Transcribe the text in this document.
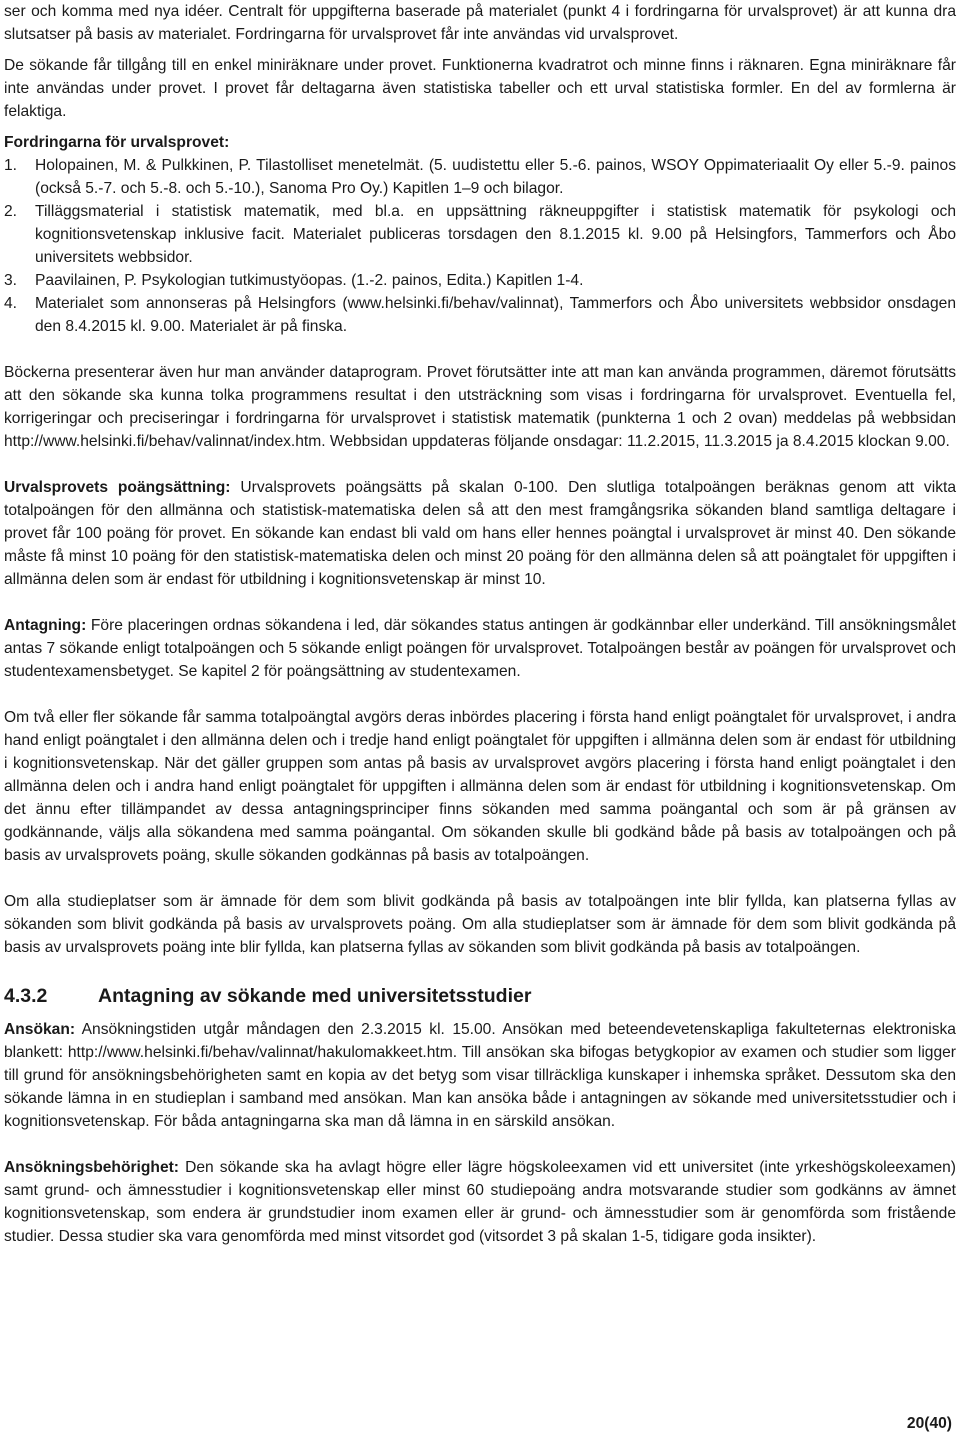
ser och komma med nya idéer. Centralt för uppgifterna baserade på materialet (punkt 4 i fordringarna för urvalsprovet) är att kunna dra slutsatser på basis av materialet. Fordringarna för urvalsprovet får inte användas vid urvalsprovet.

De sökande får tillgång till en enkel miniräknare under provet. Funktionerna kvadratrot och minne finns i räknaren. Egna miniräknare får inte användas under provet. I provet får deltagarna även statistiska tabeller och ett urval statistiska formler. En del av formlerna är felaktiga.

Fordringarna för urvalsprovet:

1.	Holopainen, M. & Pulkkinen, P. Tilastolliset menetelmät. (5. uudistettu eller 5.-6. painos, WSOY Oppimateriaalit Oy eller 5.-9. painos (också 5.-7. och 5.-8. och 5.-10.), Sanoma Pro Oy.) Kapitlen 1–9 och bilagor.
2.	Tilläggsmaterial i statistisk matematik, med bl.a. en uppsättning räkneuppgifter i statistisk matematik för psykologi och kognitionsvetenskap inklusive facit. Materialet publiceras torsdagen den 8.1.2015 kl. 9.00 på Helsingfors, Tammerfors och Åbo universitets webbsidor.
3.	Paavilainen, P. Psykologian tutkimustyöopas. (1.-2. painos, Edita.) Kapitlen 1-4.
4.	Materialet som annonseras på Helsingfors (www.helsinki.fi/behav/valinnat), Tammerfors och Åbo universitets webbsidor onsdagen den 8.4.2015 kl. 9.00. Materialet är på finska.

Böckerna presenterar även hur man använder dataprogram. Provet förutsätter inte att man kan använda programmen, däremot förutsätts att den sökande ska kunna tolka programmens resultat i den utsträckning som visas i fordringarna för urvalsprovet. Eventuella fel, korrigeringar och preciseringar i fordringarna för urvalsprovet i statistisk matematik (punkterna 1 och 2 ovan) meddelas på webbsidan http://www.helsinki.fi/behav/valinnat/index.htm. Webbsidan uppdateras följande onsdagar: 11.2.2015, 11.3.2015 ja 8.4.2015 klockan 9.00.

Urvalsprovets poängsättning: Urvalsprovets poängsätts på skalan 0-100. Den slutliga totalpoängen beräknas genom att vikta totalpoängen för den allmänna och statistisk-matematiska delen så att den mest framgångsrika sökanden bland samtliga deltagare i provet får 100 poäng för provet. En sökande kan endast bli vald om hans eller hennes poängtal i urvalsprovet är minst 40. Den sökande måste få minst 10 poäng för den statistisk-matematiska delen och minst 20 poäng för den allmänna delen så att poängtalet för uppgiften i allmänna delen som är endast för utbildning i kognitionsvetenskap är minst 10.

Antagning: Före placeringen ordnas sökandena i led, där sökandes status antingen är godkännbar eller underkänd. Till ansökningsmålet antas 7 sökande enligt totalpoängen och 5 sökande enligt poängen för urvalsprovet. Totalpoängen består av poängen för urvalsprovet och studentexamensbetyget. Se kapitel 2 för poängsättning av studentexamen.

Om två eller fler sökande får samma totalpoängtal avgörs deras inbördes placering i första hand enligt poängtalet för urvalsprovet, i andra hand enligt poängtalet i den allmänna delen och i tredje hand enligt poängtalet för uppgiften i allmänna delen som är endast för utbildning i kognitionsvetenskap. När det gäller gruppen som antas på basis av urvalsprovet avgörs placering i första hand enligt poängtalet i den allmänna delen och i andra hand enligt poängtalet för uppgiften i allmänna delen som är endast för utbildning i kognitionsvetenskap. Om det ännu efter tillämpandet av dessa antagningsprinciper finns sökanden med samma poängantal och som är på gränsen av godkännande, väljs alla sökandena med samma poängantal. Om sökanden skulle bli godkänd både på basis av totalpoängen och på basis av urvalsprovets poäng, skulle sökanden godkännas på basis av totalpoängen.

Om alla studieplatser som är ämnade för dem som blivit godkända på basis av totalpoängen inte blir fyllda, kan platserna fyllas av sökanden som blivit godkända på basis av urvalsprovets poäng. Om alla studieplatser som är ämnade för dem som blivit godkända på basis av urvalsprovets poäng inte blir fyllda, kan platserna fyllas av sökanden som blivit godkända på basis av totalpoängen.

4.3.2	Antagning av sökande med universitetsstudier

Ansökan: Ansökningstiden utgår måndagen den 2.3.2015 kl. 15.00. Ansökan med beteendevetenskapliga fakulteternas elektroniska blankett: http://www.helsinki.fi/behav/valinnat/hakulomakkeet.htm. Till ansökan ska bifogas betygkopior av examen och studier som ligger till grund för ansökningsbehörigheten samt en kopia av det betyg som visar tillräckliga kunskaper i inhemska språket. Dessutom ska den sökande lämna in en studieplan i samband med ansökan. Man kan ansöka både i antagningen av sökande med universitetsstudier och i kognitionsvetenskap. För båda antagningarna ska man då lämna in en särskild ansökan.

Ansökningsbehörighet: Den sökande ska ha avlagt högre eller lägre högskoleexamen vid ett universitet (inte yrkeshögskoleexamen) samt grund- och ämnesstudier i kognitionsvetenskap eller minst 60 studiepoäng andra motsvarande studier som godkänns av ämnet kognitionsvetenskap, som endera är grundstudier inom examen eller är grund- och ämnesstudier som är genomförda som fristående studier. Dessa studier ska vara genomförda med minst vitsordet god (vitsordet 3 på skalan 1-5, tidigare goda insikter).

20(40)
